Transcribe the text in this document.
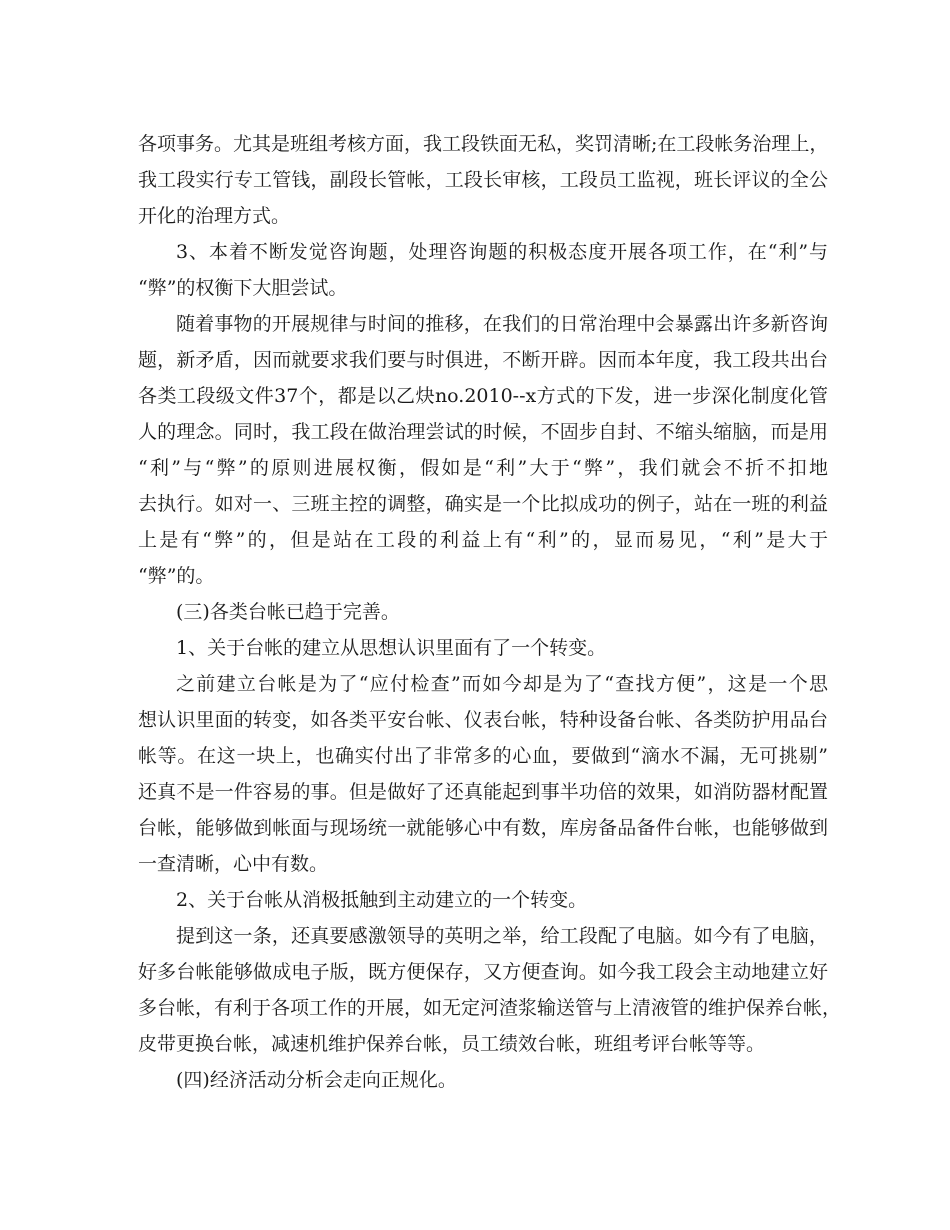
各项事务。尤其是班组考核方面，我工段铁面无私，奖罚清晰;在工段帐务治理上，
我工段实行专工管钱，副段长管帐，工段长审核，工段员工监视，班长评议的全公
开化的治理方式。
3、本着不断发觉咨询题，处理咨询题的积极态度开展各项工作，在“利”与
“弊”的权衡下大胆尝试。
随着事物的开展规律与时间的推移，在我们的日常治理中会暴露出许多新咨询
题，新矛盾，因而就要求我们要与时俱进，不断开辟。因而本年度，我工段共出台
各类工段级文件37个，都是以乙炔no.2010--x方式的下发，进一步深化制度化管
人的理念。同时，我工段在做治理尝试的时候，不固步自封、不缩头缩脑，而是用
“利”与“弊”的原则进展权衡，假如是“利”大于“弊”，我们就会不折不扣地
去执行。如对一、三班主控的调整，确实是一个比拟成功的例子，站在一班的利益
上是有“弊”的，但是站在工段的利益上有“利”的，显而易见，“利”是大于
“弊”的。
(三)各类台帐已趋于完善。
1、关于台帐的建立从思想认识里面有了一个转变。
之前建立台帐是为了“应付检查”而如今却是为了“查找方便”，这是一个思
想认识里面的转变，如各类平安台帐、仪表台帐，特种设备台帐、各类防护用品台
帐等。在这一块上，也确实付出了非常多的心血，要做到“滴水不漏，无可挑剔”
还真不是一件容易的事。但是做好了还真能起到事半功倍的效果，如消防器材配置
台帐，能够做到帐面与现场统一就能够心中有数，库房备品备件台帐，也能够做到
一查清晰，心中有数。
2、关于台帐从消极抵触到主动建立的一个转变。
提到这一条，还真要感激领导的英明之举，给工段配了电脑。如今有了电脑，
好多台帐能够做成电子版，既方便保存，又方便查询。如今我工段会主动地建立好
多台帐，有利于各项工作的开展，如无定河渣浆输送管与上清液管的维护保养台帐，
皮带更换台帐，减速机维护保养台帐，员工绩效台帐，班组考评台帐等等。
(四)经济活动分析会走向正规化。
